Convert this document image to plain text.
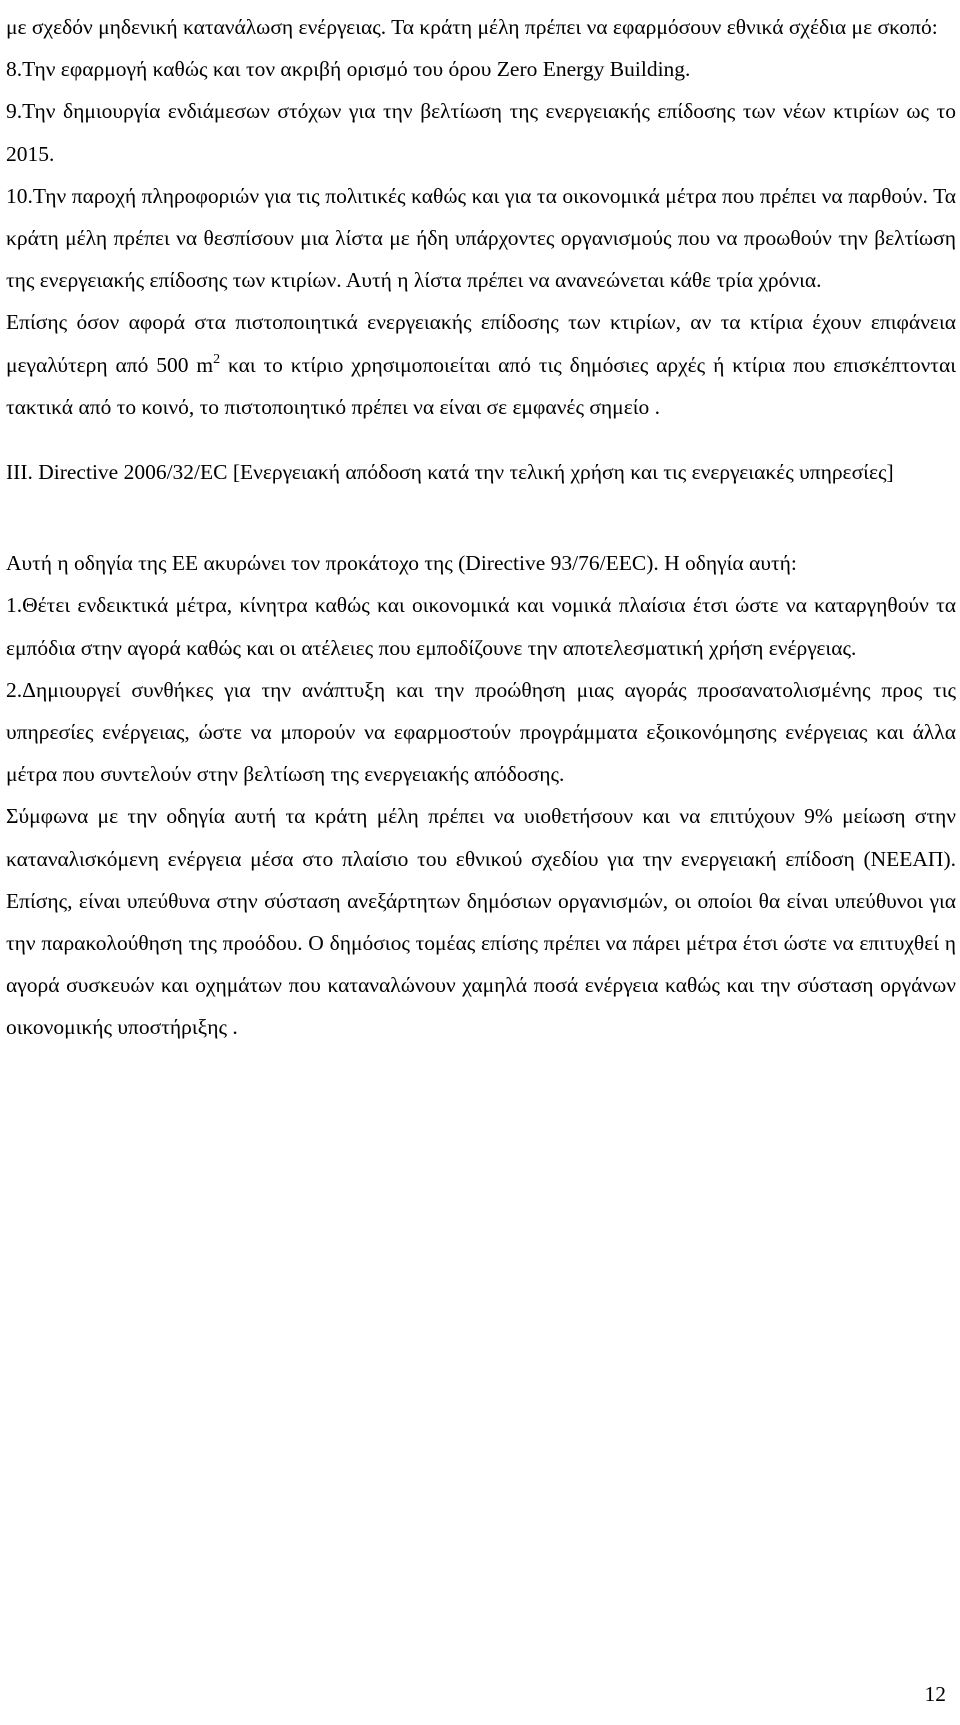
με σχεδόν μηδενική κατανάλωση ενέργειας. Τα κράτη μέλη πρέπει να εφαρμόσουν εθνικά σχέδια με σκοπό:

8.Την εφαρμογή καθώς και τον ακριβή ορισμό του όρου Zero Energy Building.

9.Την δημιουργία ενδιάμεσων στόχων για την βελτίωση της ενεργειακής επίδοσης των νέων κτιρίων ως το 2015.

10.Την παροχή πληροφοριών για τις πολιτικές καθώς και για τα οικονομικά μέτρα που πρέπει να παρθούν. Τα κράτη μέλη πρέπει να θεσπίσουν μια λίστα με ήδη υπάρχοντες οργανισμούς που να προωθούν την βελτίωση της ενεργειακής επίδοσης των κτιρίων. Αυτή η λίστα πρέπει να ανανεώνεται κάθε τρία χρόνια.

Επίσης όσον αφορά στα πιστοποιητικά ενεργειακής επίδοσης των κτιρίων, αν τα κτίρια έχουν επιφάνεια μεγαλύτερη από 500 $m^2$ και το κτίριο χρησιμοποιείται από τις δημόσιες αρχές ή κτίρια που επισκέπτονται τακτικά από το κοινό, το πιστοποιητικό πρέπει να είναι σε εμφανές σημείο .

III. Directive 2006/32/EC [Ενεργειακή απόδοση κατά την τελική χρήση και τις ενεργειακές υπηρεσίες]

Αυτή η οδηγία της ΕΕ ακυρώνει τον προκάτοχο της (Directive 93/76/EEC). Η οδηγία αυτή:

1.Θέτει ενδεικτικά μέτρα, κίνητρα καθώς και οικονομικά και νομικά πλαίσια έτσι ώστε να καταργηθούν τα εμπόδια στην αγορά καθώς και οι ατέλειες που εμποδίζουνε την αποτελεσματική χρήση ενέργειας.

2.Δημιουργεί συνθήκες για την ανάπτυξη και την προώθηση μιας αγοράς προσανατολισμένης προς τις υπηρεσίες ενέργειας, ώστε να μπορούν να εφαρμοστούν προγράμματα εξοικονόμησης ενέργειας και άλλα μέτρα που συντελούν στην βελτίωση της ενεργειακής απόδοσης.

Σύμφωνα με την οδηγία αυτή τα κράτη μέλη πρέπει να υιοθετήσουν και να επιτύχουν 9% μείωση στην καταναλισκόμενη ενέργεια μέσα στο πλαίσιο του εθνικού σχεδίου για την ενεργειακή επίδοση (ΝΕΕΑΠ). Επίσης, είναι υπεύθυνα στην σύσταση ανεξάρτητων δημόσιων οργανισμών, οι οποίοι θα είναι υπεύθυνοι για την παρακολούθηση της προόδου. Ο δημόσιος τομέας επίσης πρέπει να πάρει μέτρα έτσι ώστε να επιτυχθεί η αγορά συσκευών και οχημάτων που καταναλώνουν χαμηλά ποσά ενέργεια καθώς και την σύσταση οργάνων οικονομικής υποστήριξης .

12
